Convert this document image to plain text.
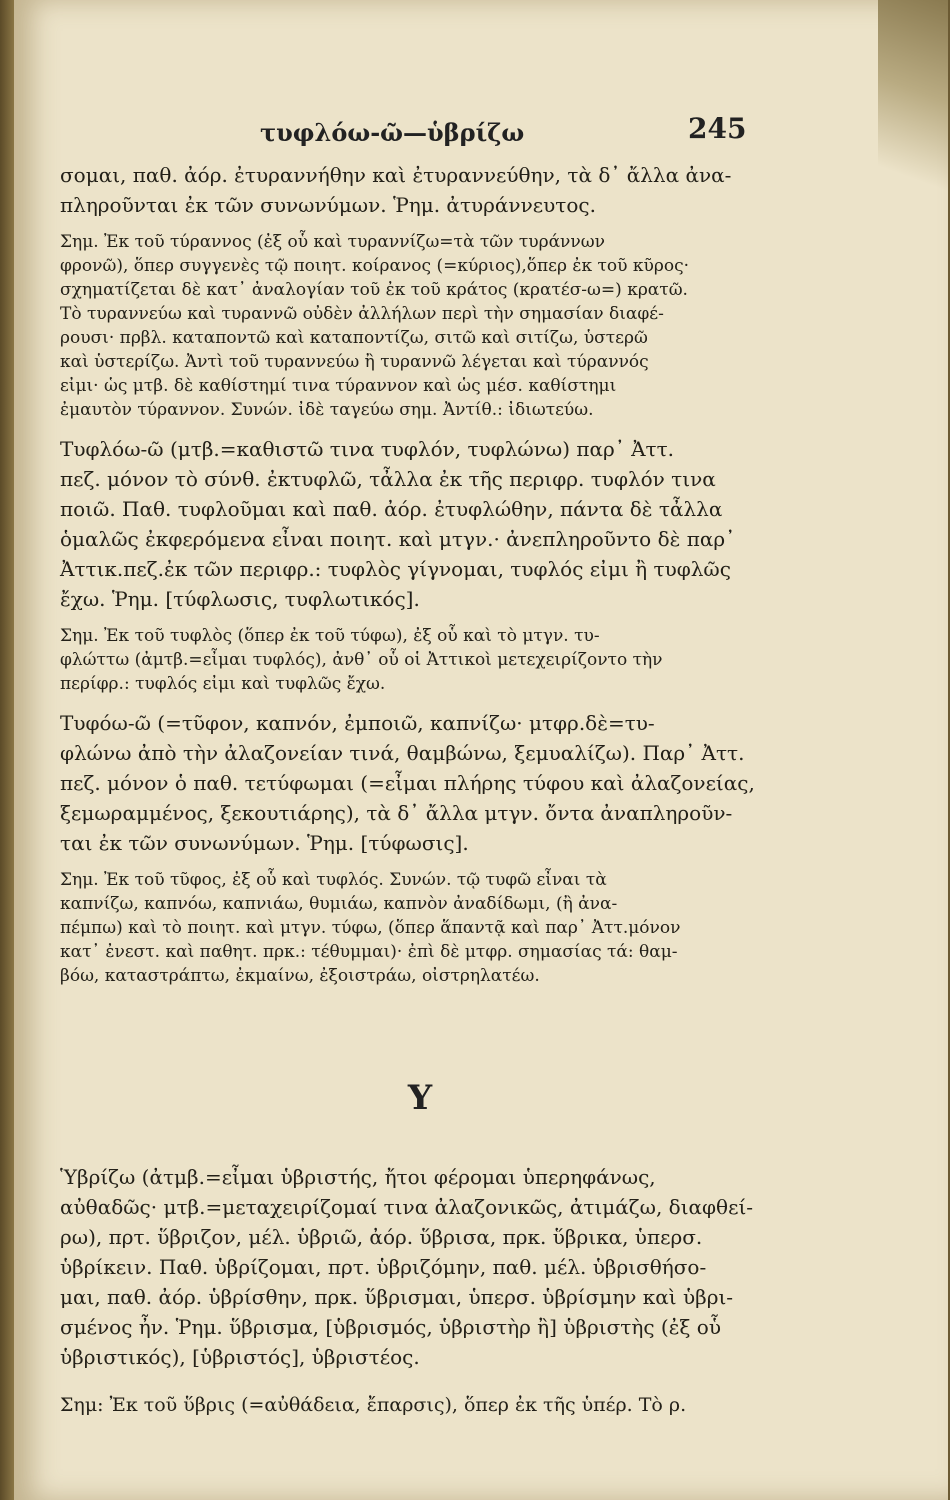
τυφλόω-ῶ—ὑβρίζω	245
σομαι, παθ. ἀόρ. ἐτυραννήθην καὶ ἐτυραννεύθην, τὰ δ᾽ ἄλλα ἀνα-
πληροῦνται ἐκ τῶν συνωνύμων. Ῥημ. ἀτυράννευτος.
Σημ. Ἐκ τοῦ τύραννος (ἐξ οὗ καὶ τυραννίζω=τὰ τῶν τυράννων
φρονῶ), ὅπερ συγγενὲς τῷ ποιητ. κοίρανος (=κύριος),ὅπερ ἐκ τοῦ κῦρος·
σχηματίζεται δὲ κατ᾽ ἀναλογίαν τοῦ ἐκ τοῦ κράτος (κρατέσ-ω=) κρατῶ.
Τὸ τυραννεύω καὶ τυραννῶ οὐδὲν ἀλλήλων περὶ τὴν σημασίαν διαφέ-
ρουσι· πρβλ. καταποντῶ καὶ καταποντίζω, σιτῶ καὶ σιτίζω, ὑστερῶ
καὶ ὑστερίζω. Ἀντὶ τοῦ τυραννεύω ἢ τυραννῶ λέγεται καὶ τύραννός
εἰμι· ὡς μτβ. δὲ καθίστημί τινα τύραννον καὶ ὡς μέσ. καθίστημι
ἐμαυτὸν τύραννον. Συνών. ἰδὲ ταγεύω σημ. Ἀντίθ.: ἰδιωτεύω.
Τυφλόω-ῶ (μτβ.=καθιστῶ τινα τυφλόν, τυφλώνω) παρ᾽ Ἀττ.
πεζ. μόνον τὸ σύνθ. ἐκτυφλῶ, τἆλλα ἐκ τῆς περιφρ. τυφλόν τινα
ποιῶ. Παθ. τυφλοῦμαι καὶ παθ. ἀόρ. ἐτυφλώθην, πάντα δὲ τἆλλα
ὁμαλῶς ἐκφερόμενα εἶναι ποιητ. καὶ μτγν.· ἀνεπληροῦντο δὲ παρ᾽
Ἀττικ.πεζ.ἐκ τῶν περιφρ.: τυφλὸς γίγνομαι, τυφλός εἰμι ἢ τυφλῶς
ἔχω. Ῥημ. [τύφλωσις, τυφλωτικός].
Σημ. Ἐκ τοῦ τυφλὸς (ὅπερ ἐκ τοῦ τύφω), ἐξ οὗ καὶ τὸ μτγν. τυ-
φλώττω (ἀμτβ.=εἶμαι τυφλός), ἀνθ᾽ οὗ οἱ Ἀττικοὶ μετεχειρίζοντο τὴν
περίφρ.: τυφλός εἰμι καὶ τυφλῶς ἔχω.
Τυφόω-ῶ (=τῦφον, καπνόν, ἐμποιῶ, καπνίζω· μτφρ.δὲ=τυ-
φλώνω ἀπὸ τὴν ἀλαζονείαν τινά, θαμβώνω, ξεμυαλίζω). Παρ᾽ Ἀττ.
πεζ. μόνον ὁ παθ. τετύφωμαι (=εἶμαι πλήρης τύφου καὶ ἀλαζονείας,
ξεμωραμμένος, ξεκουτιάρης), τὰ δ᾽ ἄλλα μτγν. ὄντα ἀναπληροῦν-
ται ἐκ τῶν συνωνύμων. Ῥημ. [τύφωσις].
Σημ. Ἐκ τοῦ τῦφος, ἐξ οὗ καὶ τυφλός. Συνών. τῷ τυφῶ εἶναι τὰ
καπνίζω, καπνόω, καπνιάω, θυμιάω, καπνὸν ἀναδίδωμι, (ἢ ἀνα-
πέμπω) καὶ τὸ ποιητ. καὶ μτγν. τύφω, (ὅπερ ἅπαντᾷ καὶ παρ᾽ Ἀττ.μόνον
κατ᾽ ἐνεστ. καὶ παθητ. πρκ.: τέθυμμαι)· ἐπὶ δὲ μτφρ. σημασίας τά: θαμ-
βόω, καταστράπτω, ἐκμαίνω, ἐξοιστράω, οἰστρηλατέω.
Υ
Ὑβρίζω (ἀτμβ.=εἶμαι ὑβριστής, ἤτοι φέρομαι ὑπερηφάνως,
αὐθαδῶς· μτβ.=μεταχειρίζομαί τινα ἀλαζονικῶς, ἀτιμάζω, διαφθεί-
ρω), πρτ. ὕβριζον, μέλ. ὑβριῶ, ἀόρ. ὕβρισα, πρκ. ὕβρικα, ὑπερσ.
ὑβρίκειν. Παθ. ὑβρίζομαι, πρτ. ὑβριζόμην, παθ. μέλ. ὑβρισθήσο-
μαι, παθ. ἀόρ. ὑβρίσθην, πρκ. ὕβρισμαι, ὑπερσ. ὑβρίσμην καὶ ὑβρι-
σμένος ἦν. Ῥημ. ὕβρισμα, [ὑβρισμός, ὑβριστὴρ ἢ] ὑβριστὴς (ἐξ οὗ
ὑβριστικός), [ὑβριστός], ὑβριστέος.
Σημ: Ἐκ τοῦ ὕβρις (=αὐθάδεια, ἔπαρσις), ὅπερ ἐκ τῆς ὑπέρ. Τὸ ρ.
